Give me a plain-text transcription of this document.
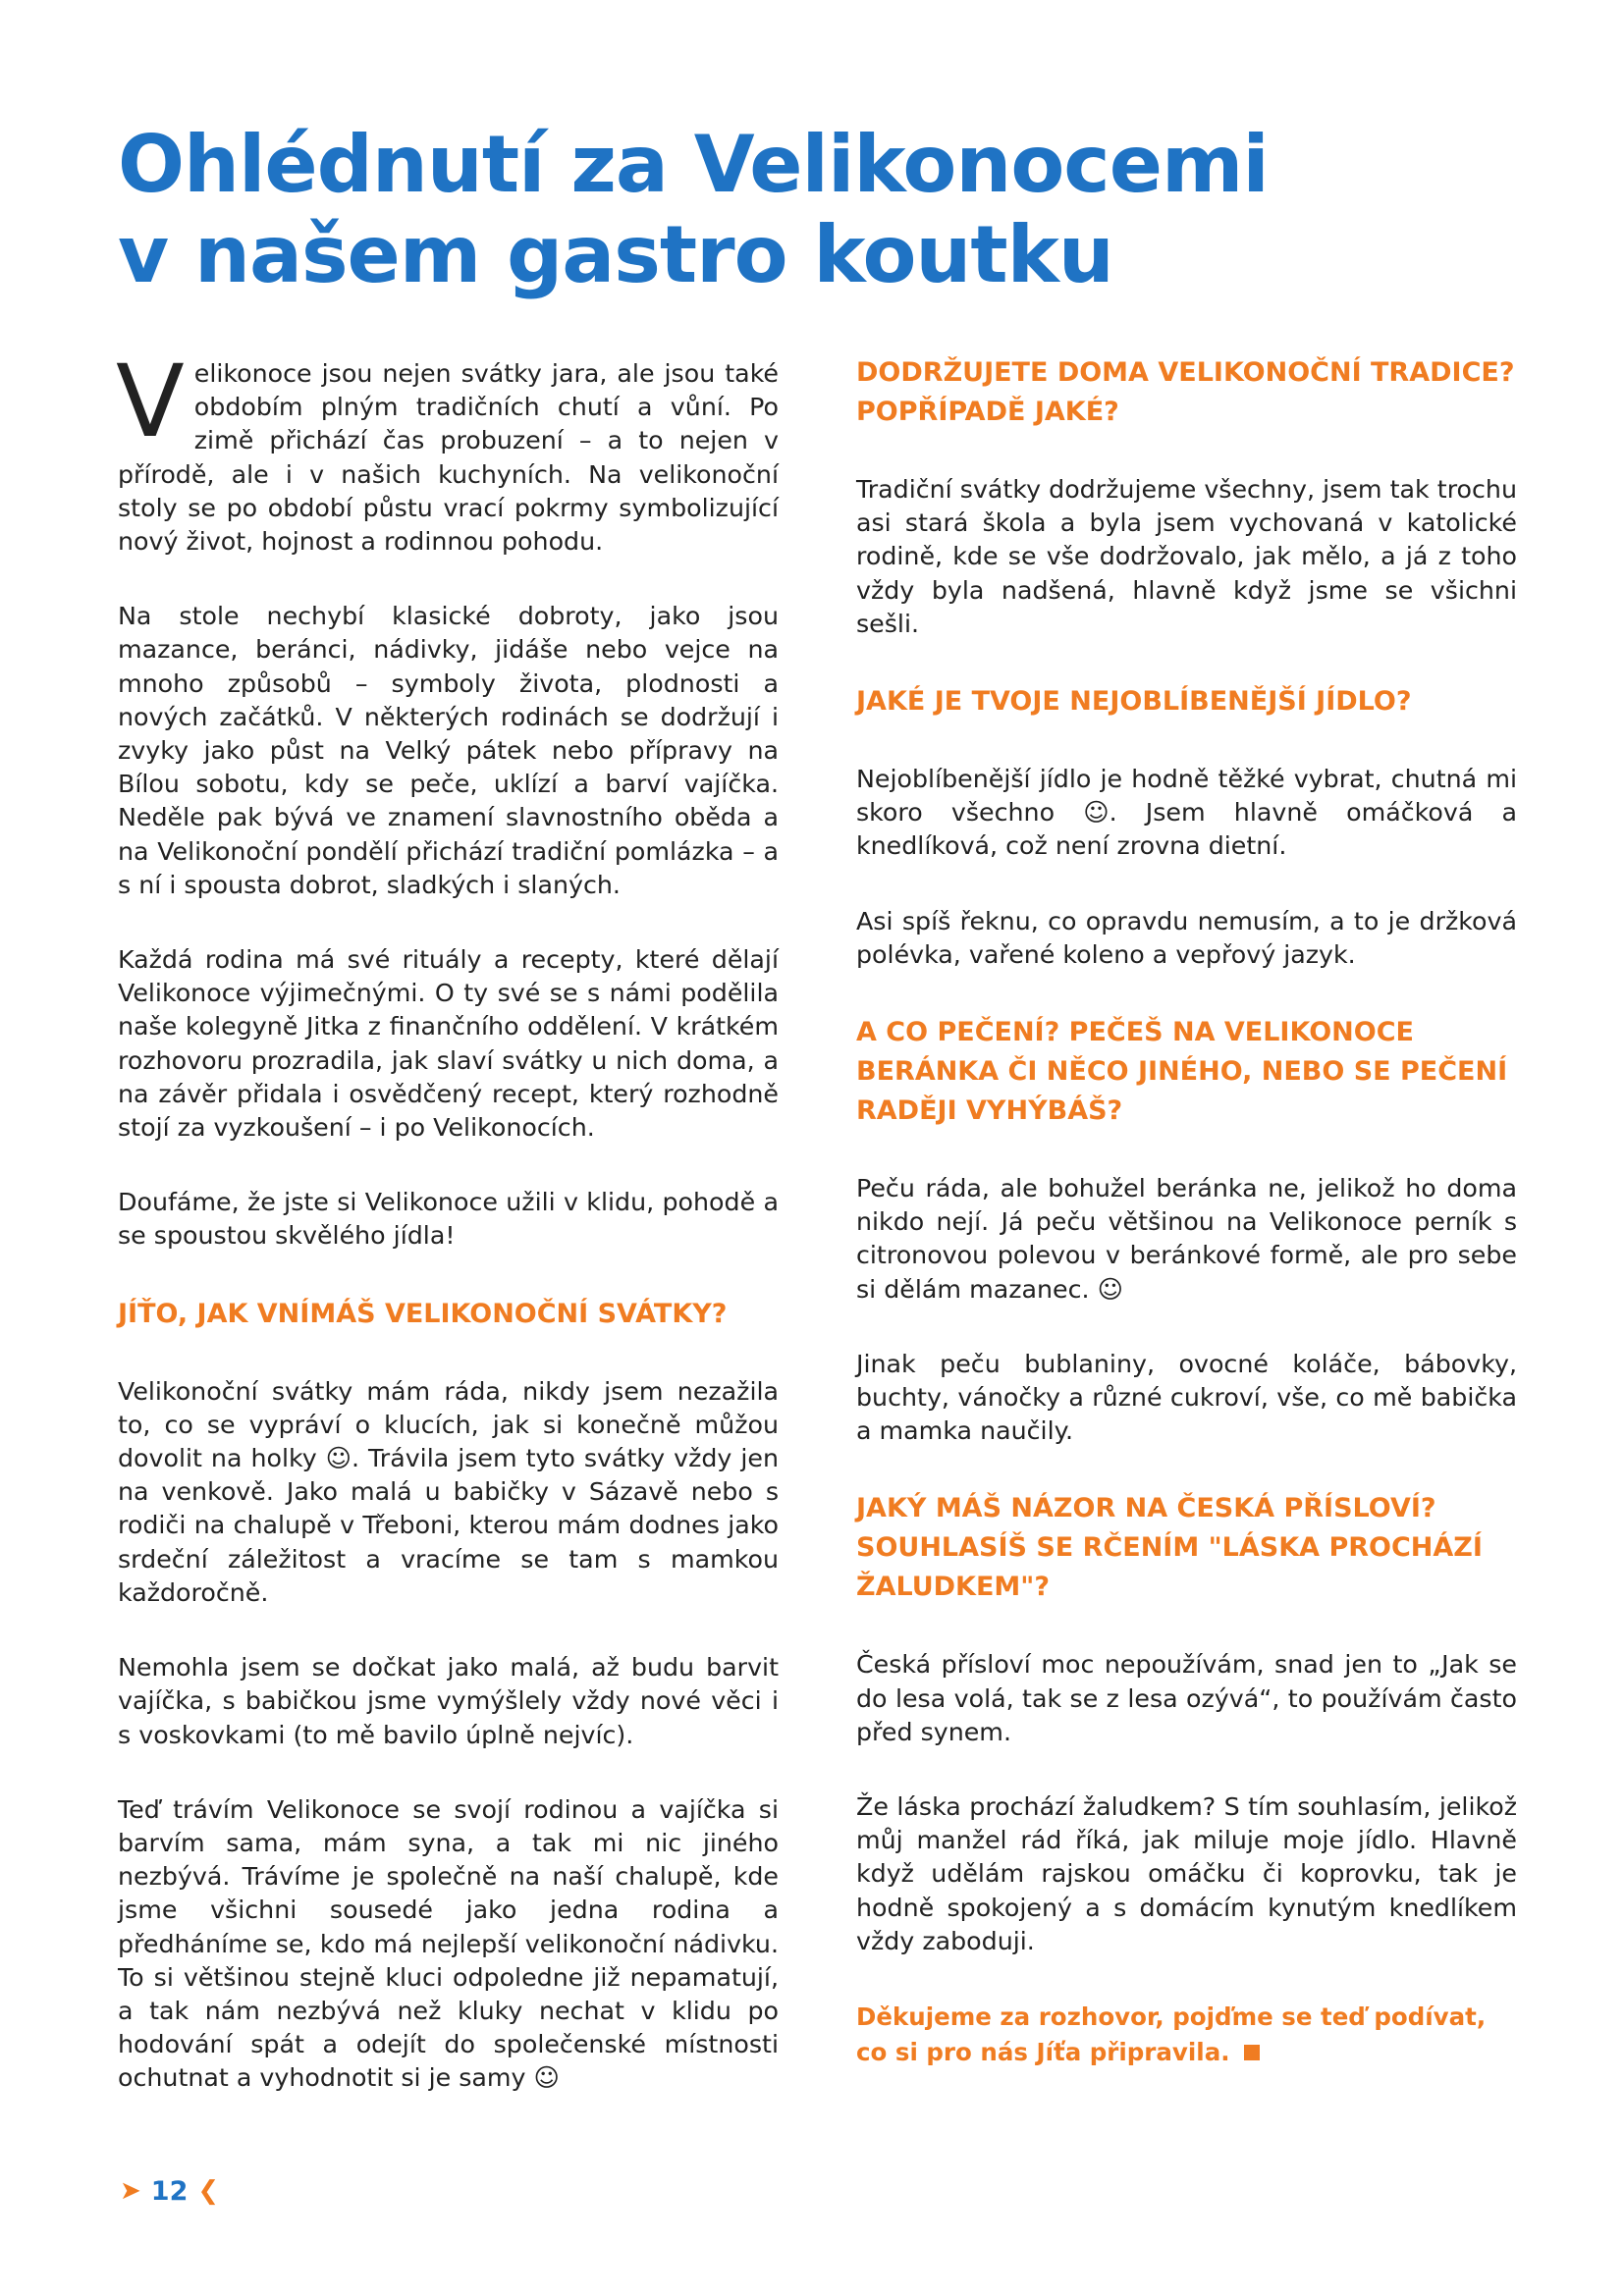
Ohlédnutí za Velikonocemi
v našem gastro koutku

Velikonoce jsou nejen svátky jara, ale jsou také obdobím plným tradičních chutí a vůní. Po zimě přichází čas probuzení – a to nejen v přírodě, ale i v našich kuchyních. Na velikonoční stoly se po období půstu vrací pokrmy symbolizující nový život, hojnost a rodinnou pohodu.

Na stole nechybí klasické dobroty, jako jsou mazance, beránci, nádivky, jidáše nebo vejce na mnoho způsobů – symboly života, plodnosti a nových začátků. V některých rodinách se dodržují i zvyky jako půst na Velký pátek nebo přípravy na Bílou sobotu, kdy se peče, uklízí a barví vajíčka. Neděle pak bývá ve znamení slavnostního oběda a na Velikonoční pondělí přichází tradiční pomlázka – a s ní i spousta dobrot, sladkých i slaných.

Každá rodina má své rituály a recepty, které dělají Velikonoce výjimečnými. O ty své se s námi podělila naše kolegyně Jitka z finančního oddělení. V krátkém rozhovoru prozradila, jak slaví svátky u nich doma, a na závěr přidala i osvědčený recept, který rozhodně stojí za vyzkoušení – i po Velikonocích.

Doufáme, že jste si Velikonoce užili v klidu, pohodě a se spoustou skvělého jídla!

JÍŤO, JAK VNÍMÁŠ VELIKONOČNÍ SVÁTKY?

Velikonoční svátky mám ráda, nikdy jsem nezažila to, co se vypráví o klucích, jak si konečně můžou dovolit na holky ☺. Trávila jsem tyto svátky vždy jen na venkově. Jako malá u babičky v Sázavě nebo s rodiči na chalupě v Třeboni, kterou mám dodnes jako srdeční záležitost a vracíme se tam s mamkou každoročně.

Nemohla jsem se dočkat jako malá, až budu barvit vajíčka, s babičkou jsme vymýšlely vždy nové věci i s voskovkami (to mě bavilo úplně nejvíc).

Teď trávím Velikonoce se svojí rodinou a vajíčka si barvím sama, mám syna, a tak mi nic jiného nezbývá. Trávíme je společně na naší chalupě, kde jsme všichni sousedé jako jedna rodina a předháníme se, kdo má nejlepší velikonoční nádivku. To si většinou stejně kluci odpoledne již nepamatují, a tak nám nezbývá než kluky nechat v klidu po hodování spát a odejít do společenské místnosti ochutnat a vyhodnotit si je samy ☺

DODRŽUJETE DOMA VELIKONOČNÍ TRADICE? POPŘÍPADĚ JAKÉ?

Tradiční svátky dodržujeme všechny, jsem tak trochu asi stará škola a byla jsem vychovaná v katolické rodině, kde se vše dodržovalo, jak mělo, a já z toho vždy byla nadšená, hlavně když jsme se všichni sešli.

JAKÉ JE TVOJE NEJOBLÍBENĚJŠÍ JÍDLO?

Nejoblíbenější jídlo je hodně těžké vybrat, chutná mi skoro všechno ☺. Jsem hlavně omáčková a knedlíková, což není zrovna dietní.

Asi spíš řeknu, co opravdu nemusím, a to je držková polévka, vařené koleno a vepřový jazyk.

A CO PEČENÍ? PEČEŠ NA VELIKONOCE BERÁNKA ČI NĚCO JINÉHO, NEBO SE PEČENÍ RADĚJI VYHÝBÁŠ?

Peču ráda, ale bohužel beránka ne, jelikož ho doma nikdo nejí. Já peču většinou na Velikonoce perník s citronovou polevou v beránkové formě, ale pro sebe si dělám mazanec. ☺

Jinak peču bublaniny, ovocné koláče, bábovky, buchty, vánočky a různé cukroví, vše, co mě babička a mamka naučily.

JAKÝ MÁŠ NÁZOR NA ČESKÁ PŘÍSLOVÍ? SOUHLASÍŠ SE RČENÍM "LÁSKA PROCHÁZÍ ŽALUDKEM"?

Česká přísloví moc nepoužívám, snad jen to „Jak se do lesa volá, tak se z lesa ozývá“, to používám často před synem.

Že láska prochází žaludkem? S tím souhlasím, jelikož můj manžel rád říká, jak miluje moje jídlo. Hlavně když udělám rajskou omáčku či koprovku, tak je hodně spokojený a s domácím kynutým knedlíkem vždy zaboduji.

Děkujeme za rozhovor, pojďme se teď podívat, co si pro nás Jíťa připravila.

➤ 12 ❮
